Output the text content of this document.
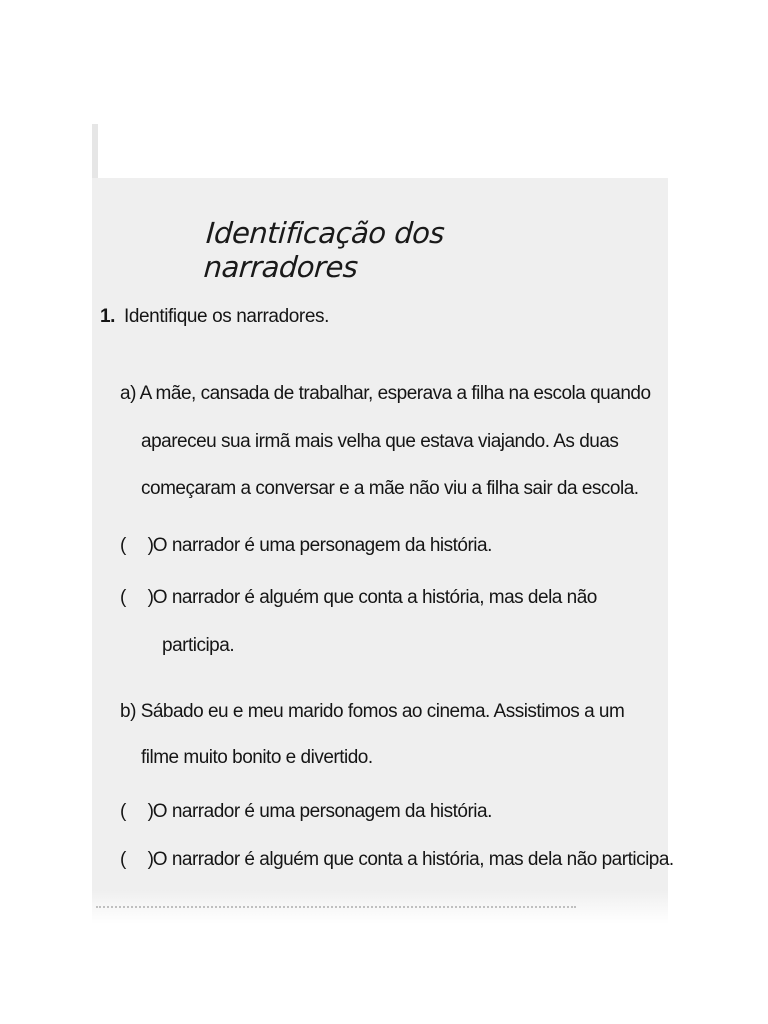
Identificação dos narradores
1. Identifique os narradores.
a) A mãe, cansada de trabalhar, esperava a filha na escola quando
apareceu sua irmã mais velha que estava viajando. As duas
começaram a conversar e a mãe não viu a filha sair da escola.
( ) O narrador é uma personagem da história.
( ) O narrador é alguém que conta a história, mas dela não
participa.
b) Sábado eu e meu marido fomos ao cinema. Assistimos a um
filme muito bonito e divertido.
( ) O narrador é uma personagem da história.
( ) O narrador é alguém que conta a história, mas dela não participa.
